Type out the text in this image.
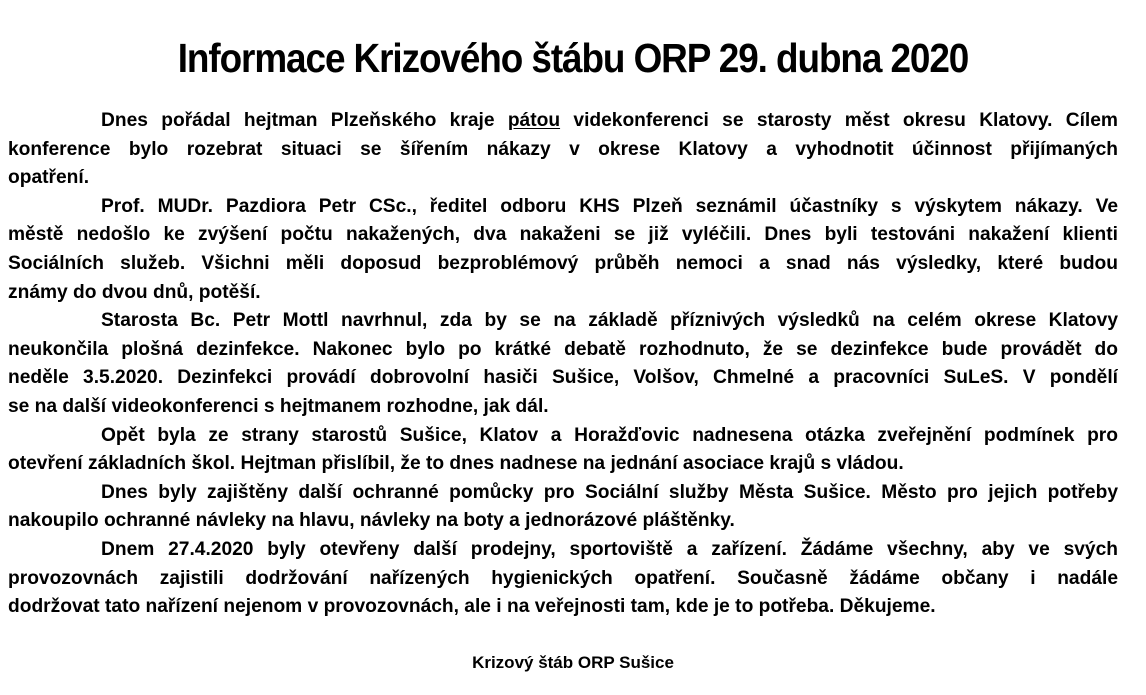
Informace Krizového štábu ORP 29. dubna 2020
Dnes pořádal hejtman Plzeňského kraje pátou videkonferenci se starosty měst okresu Klatovy. Cílem
konference bylo rozebrat situaci se šířením nákazy v okrese Klatovy a vyhodnotit účinnost přijímaných
opatření.
Prof. MUDr. Pazdiora Petr CSc., ředitel odboru KHS Plzeň seznámil účastníky s výskytem nákazy. Ve
městě nedošlo ke zvýšení počtu nakažených, dva nakaženi se již vyléčili. Dnes byli testováni nakažení klienti
Sociálních služeb. Všichni měli doposud bezproblémový průběh nemoci a snad nás výsledky, které budou
známy do dvou dnů, potěší.
Starosta Bc. Petr Mottl navrhnul, zda by se na základě příznivých výsledků na celém okrese Klatovy
neukončila plošná dezinfekce. Nakonec bylo po krátké debatě rozhodnuto, že se dezinfekce bude provádět do
neděle 3.5.2020. Dezinfekci provádí dobrovolní hasiči Sušice, Volšov, Chmelné a pracovníci SuLeS. V pondělí
se na další videokonferenci s hejtmanem rozhodne, jak dál.
Opět byla ze strany starostů Sušice, Klatov a Horažďovic nadnesena otázka zveřejnění podmínek pro
otevření základních škol. Hejtman přislíbil, že to dnes nadnese na jednání asociace krajů s vládou.
Dnes byly zajištěny další ochranné pomůcky pro Sociální služby Města Sušice. Město pro jejich potřeby
nakoupilo ochranné návleky na hlavu, návleky na boty a jednorázové pláštěnky.
Dnem 27.4.2020 byly otevřeny další prodejny, sportoviště a zařízení. Žádáme všechny, aby ve svých
provozovnách zajistili dodržování nařízených hygienických opatření. Současně žádáme občany i nadále
dodržovat tato nařízení nejenom v provozovnách, ale i na veřejnosti tam, kde je to potřeba. Děkujeme.
Krizový štáb ORP Sušice
